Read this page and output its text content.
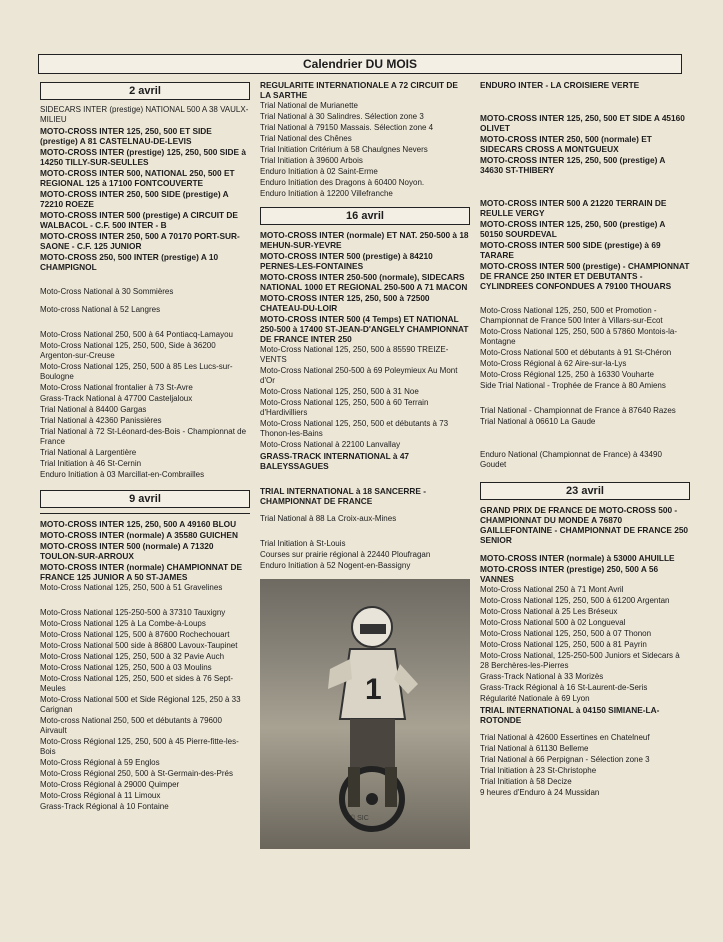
Calendrier DU MOIS
2 avril
SIDECARS INTER (prestige) NATIONAL 500 A 38 VAULX-MILIEU
MOTO-CROSS INTER 125, 250, 500 ET SIDE (prestige) A 81 CASTELNAU-DE-LEVIS
MOTO-CROSS INTER (prestige) 125, 250, 500 SIDE à 14250 TILLY-SUR-SEULLES
MOTO-CROSS INTER 500, NATIONAL 250, 500 ET REGIONAL 125 à 17100 FONTCOUVERTE
MOTO-CROSS INTER 250, 500 SIDE (prestige) A 72210 ROEZE
MOTO-CROSS INTER 500 (prestige) A CIRCUIT DE WALBACOL - C.F. 500 INTER - B
MOTO-CROSS INTER 250, 500 A 70170 PORT-SUR-SAONE - C.F. 125 JUNIOR
MOTO-CROSS 250, 500 INTER (prestige) A 10 CHAMPIGNOL
Moto-Cross National à 30 Sommières
Moto-cross National à 52 Langres
Moto-Cross National 250, 500 à 64 Pontiacq-Lamayou
Moto-Cross National 125, 250, 500, Side à 36200 Argenton-sur-Creuse
Moto-Cross National 125, 250, 500 à 85 Les Lucs-sur-Boulogne
Moto-Cross National frontalier à 73 St-Avre
Grass-Track National à 47700 Casteljaloux
Trial National à 84400 Gargas
Trial National à 42360 Panissières
Trial National à 72 St-Léonard-des-Bois - Championnat de France
Trial National à Largentière
Trial Initiation à 46 St-Cernin
Enduro Initiation à 03 Marcillat-en-Combrailles
9 avril
MOTO-CROSS INTER 125, 250, 500 A 49160 BLOU
MOTO-CROSS INTER (normale) A 35580 GUICHEN
MOTO-CROSS INTER 500 (normale) A 71320 TOULON-SUR-ARROUX
MOTO-CROSS INTER (normale) CHAMPIONNAT DE FRANCE 125 JUNIOR A 50 ST-JAMES
Moto-Cross National 125, 250, 500 à 51 Gravelines
Moto-Cross National 125-250-500 à 37310 Tauxigny
Moto-Cross National 125 à La Combe-à-Loups
Moto-Cross National 125, 500 à 87600 Rochechouart
Moto-Cross National 500 side à 86800 Lavoux-Taupinet
Moto-Cross National 125, 250, 500 à 32 Pavie Auch
Moto-Cross National 125, 250, 500 à 03 Moulins
Moto-Cross National 125, 250, 500 et sides à 76 Sept-Meules
Moto-Cross National 500 et Side Régional 125, 250 à 33 Carignan
Moto-cross National 250, 500 et débutants à 79600 Airvault
Moto-Cross Régional 125, 250, 500 à 45 Pierre-fitte-les-Bois
Moto-Cross Régional à 59 Englos
Moto-Cross Régional 250, 500 à St-Germain-des-Prés
Moto-Cross Régional à 29000 Quimper
Moto-Cross Régional à 11 Limoux
Grass-Track Régional à 10 Fontaine
REGULARITE INTERNATIONALE A 72 CIRCUIT DE LA SARTHE
Trial National de Murianette
Trial National à 30 Salindres. Sélection zone 3
Trial National à 79150 Massais. Sélection zone 4
Trial National des Chênes
Trial Initiation Critérium à 58 Chaulgnes Nevers
Trial Initiation à 39600 Arbois
Enduro Initiation à 02 Saint-Erme
Enduro Initiation des Dragons à 60400 Noyon.
Enduro Initiation à 12200 Villefranche
16 avril
MOTO-CROSS INTER (normale) ET NAT. 250-500 à 18 MEHUN-SUR-YEVRE
MOTO-CROSS INTER 500 (prestige) à 84210 PERNES-LES-FONTAINES
MOTO-CROSS INTER 250-500 (normale), SIDECARS NATIONAL 1000 ET REGIONAL 250-500 A 71 MACON
MOTO-CROSS INTER 125, 250, 500 à 72500 CHATEAU-DU-LOIR
MOTO-CROSS INTER 500 (4 Temps) ET NATIONAL 250-500 à 17400 ST-JEAN-D'ANGELY CHAMPIONNAT DE FRANCE INTER 250
Moto-Cross National 125, 250, 500 à 85590 TREIZE-VENTS
Moto-Cross National 250-500 à 69 Poleymieux Au Mont d'Or
Moto-Cross National 125, 250, 500 à 31 Noe
Moto-Cross National 125, 250, 500 à 60 Terrain d'Hardivilliers
Moto-Cross National 125, 250, 500 et débutants à 73 Thonon-les-Bains
Moto-Cross National à 22100 Lanvallay
GRASS-TRACK INTERNATIONAL à 47 BALEYSSAGUES
TRIAL INTERNATIONAL à 18 SANCERRE - CHAMPIONNAT DE FRANCE
Trial National à 88 La Croix-aux-Mines
Trial Initiation à St-Louis
Courses sur prairie régional à 22440 Ploufragan
Enduro Initiation à 52 Nogent-en-Bassigny
1
© SIC
ENDURO INTER - LA CROISIERE VERTE
MOTO-CROSS INTER 125, 250, 500 ET SIDE A 45160 OLIVET
MOTO-CROSS INTER 250, 500 (normale) ET SIDECARS CROSS A MONTGUEUX
MOTO-CROSS INTER 125, 250, 500 (prestige) A 34630 ST-THIBERY
MOTO-CROSS INTER 500 A 21220 TERRAIN DE REULLE VERGY
MOTO-CROSS INTER 125, 250, 500 (prestige) A 50150 SOURDEVAL
MOTO-CROSS INTER 500 SIDE (prestige) à 69 TARARE
MOTO-CROSS INTER 500 (prestige) - CHAMPIONNAT DE FRANCE 250 INTER ET DEBUTANTS - CYLINDREES CONFONDUES A 79100 THOUARS
Moto-Cross National 125, 250, 500 et Promotion - Championnat de France 500 Inter à Villars-sur-Ecot
Moto-Cross National 125, 250, 500 à 57860 Montois-la-Montagne
Moto-Cross National 500 et débutants à 91 St-Chéron
Moto-Cross Régional à 62 Aire-sur-la-Lys
Moto-Cross Régional 125, 250 à 16330 Vouharte
Side Trial National - Trophée de France à 80 Amiens
Trial National - Championnat de France à 87640 Razes
Trial National à 06610 La Gaude
Enduro National (Championnat de France) à 43490 Goudet
23 avril
GRAND PRIX DE FRANCE DE MOTO-CROSS 500 - CHAMPIONNAT DU MONDE A 76870 GAILLEFONTAINE - CHAMPIONNAT DE FRANCE 250 SENIOR
MOTO-CROSS INTER (normale) à 53000 AHUILLE
MOTO-CROSS INTER (prestige) 250, 500 A 56 VANNES
Moto-Cross National 250 à 71 Mont Avril
Moto-Cross National 125, 250, 500 à 61200 Argentan
Moto-Cross National à 25 Les Bréseux
Moto-Cross National 500 à 02 Longueval
Moto-Cross National 125, 250, 500 à 07 Thonon
Moto-Cross National 125, 250, 500 à 81 Payrin
Moto-Cross National, 125-250-500 Juniors et Sidecars à 28 Berchères-les-Pierres
Grass-Track National à 33 Morizès
Grass-Track Régional à 16 St-Laurent-de-Seris
Régularité Nationale à 69 Lyon
TRIAL INTERNATIONAL à 04150 SIMIANE-LA-ROTONDE
Trial National à 42600 Essertines en Chatelneuf
Trial National à 61130 Belleme
Trial National à 66 Perpignan - Sélection zone 3
Trial Initiation à 23 St-Christophe
Trial Initiation à 58 Decize
9 heures d'Enduro à 24 Mussidan
